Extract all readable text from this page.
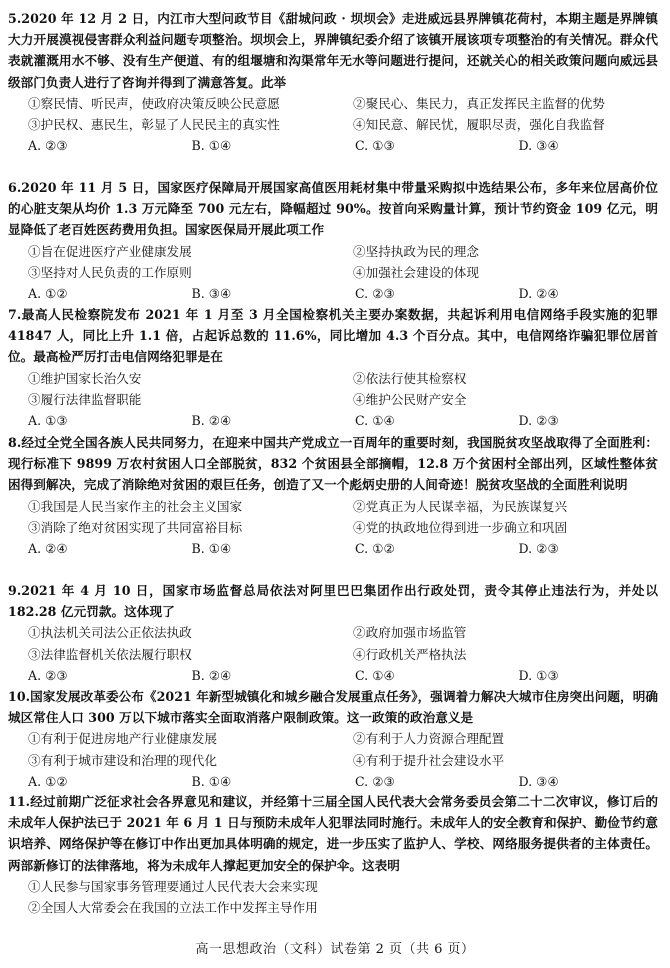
5.2020 年 12 月 2 日，内江市大型问政节目《甜城问政 · 坝坝会》走进威远县界牌镇花荷村，本期主题是界牌镇大力开展漠视侵害群众利益问题专项整治。坝坝会上，界牌镇纪委介绍了该镇开展该项专项整治的有关情况。群众代表就灌溉用水不够、没有生产便道、有的组堰塘和沟渠常年无水等问题进行提问，还就关心的相关政策问题向威远县级部门负责人进行了咨询并得到了满意答复。此举

①察民情、听民声，使政府决策反映公民意愿	②聚民心、集民力，真正发挥民主监督的优势
③护民权、惠民生，彰显了人民民主的真实性	④知民意、解民忧，履职尽责，强化自我监督
A. ②③	B. ①④	C. ①③	D. ③④

6.2020 年 11 月 5 日，国家医疗保障局开展国家高值医用耗材集中带量采购拟中选结果公布，多年来位居高价位的心脏支架从均价 1.3 万元降至 700 元左右，降幅超过 90%。按首向采购量计算，预计节约资金 109 亿元，明显降低了老百姓医药费用负担。国家医保局开展此项工作

①旨在促进医疗产业健康发展	②坚持执政为民的理念
③坚持对人民负责的工作原则	④加强社会建设的体现
A. ①②	B. ③④	C. ②③	D. ②④

7.最高人民检察院发布 2021 年 1 月至 3 月全国检察机关主要办案数据，共起诉利用电信网络手段实施的犯罪 41847 人，同比上升 1.1 倍，占起诉总数的 11.6%，同比增加 4.3 个百分点。其中，电信网络诈骗犯罪位居首位。最高检严厉打击电信网络犯罪是在

①维护国家长治久安	②依法行使其检察权
③履行法律监督职能	④维护公民财产安全
A. ①③	B. ②④	C. ①④	D. ②③

8.经过全党全国各族人民共同努力，在迎来中国共产党成立一百周年的重要时刻，我国脱贫攻坚战取得了全面胜利：现行标准下 9899 万农村贫困人口全部脱贫，832 个贫困县全部摘帽，12.8 万个贫困村全部出列，区域性整体贫困得到解决，完成了消除绝对贫困的艰巨任务，创造了又一个彪炳史册的人间奇迹！脱贫攻坚战的全面胜利说明

①我国是人民当家作主的社会主义国家	②党真正为人民谋幸福，为民族谋复兴
③消除了绝对贫困实现了共同富裕目标	④党的执政地位得到进一步确立和巩固
A. ②④	B. ①④	C. ①②	D. ②③

9.2021 年 4 月 10 日，国家市场监督总局依法对阿里巴巴集团作出行政处罚，责令其停止违法行为，并处以 182.28 亿元罚款。这体现了

①执法机关司法公正依法执政	②政府加强市场监管
③法律监督机关依法履行职权	④行政机关严格执法
A. ②③	B. ②④	C. ①④	D. ①③

10.国家发展改革委公布《2021 年新型城镇化和城乡融合发展重点任务》，强调着力解决大城市住房突出问题，明确城区常住人口 300 万以下城市落实全面取消落户限制政策。这一政策的政治意义是

①有利于促进房地产行业健康发展	②有利于人力资源合理配置
③有利于城市建设和治理的现代化	④有利于提升社会建设水平
A. ①②	B. ①④	C. ②③	D. ③④

11.经过前期广泛征求社会各界意见和建议，并经第十三届全国人民代表大会常务委员会第二十二次审议，修订后的未成年人保护法已于 2021 年 6 月 1 日与预防未成年人犯罪法同时施行。未成年人的安全教育和保护、勤俭节约意识培养、网络保护等在修订中作出更加具体明确的规定，进一步压实了监护人、学校、网络服务提供者的主体责任。两部新修订的法律落地，将为未成年人撑起更加安全的保护伞。这表明

①人民参与国家事务管理要通过人民代表大会来实现
②全国人大常委会在我国的立法工作中发挥主导作用
高一思想政治（文科）试卷第 2 页（共 6 页）
